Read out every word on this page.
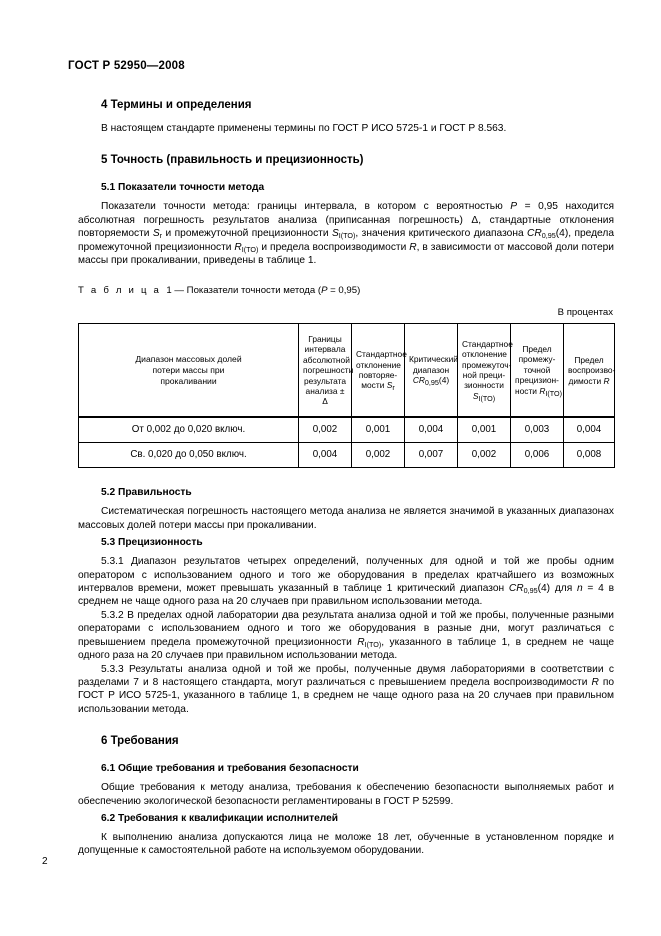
ГОСТ Р 52950—2008
4 Термины и определения

В настоящем стандарте применены термины по ГОСТ Р ИСО 5725-1 и ГОСТ Р 8.563.

5 Точность (правильность и прецизионность)
5.1 Показатели точности метода

Показатели точности метода: границы интервала, в котором с вероятностью P = 0,95 находится абсолютная погрешность результатов анализа (приписанная погрешность) Δ, стандартные отклонения повторяемости $S_r$ и промежуточной прецизионности $S_{I(TO)}$, значения критического диапазона $CR_{0,95}(4)$, предела промежуточной прецизионности $R_{I(TO)}$ и предела воспроизводимости R, в зависимости от массовой доли потери массы при прокаливании, приведены в таблице 1.

Т а б л и ц а 1 — Показатели точности метода (P = 0,95)

В процентах

Диапазон массовых долей
потери массы при
прокаливании	Границы
интервала
абсолютной
погрешности
результата
анализа ± Δ	Стандартное
отклонение
повторяе-
мости $S_r$	Критический
диапазон
$CR_{0,95}(4)$	Стандартное
отклонение
промежуточ-
ной преци-
зионности
$S_{I(TO)}$	Предел
промежу-
точной
прецизион-
ности $R_{I(TO)}$	Предел
воспроизво-
димости R
От 0,002 до 0,020 включ.	0,002	0,001	0,004	0,001	0,003	0,004
Св. 0,020 до 0,050 включ.	0,004	0,002	0,007	0,002	0,006	0,008
5.2 Правильность

Систематическая погрешность настоящего метода анализа не является значимой в указанных диапазонах массовых долей потери массы при прокаливании.

5.3 Прецизионность

5.3.1 Диапазон результатов четырех определений, полученных для одной и той же пробы одним оператором с использованием одного и того же оборудования в пределах кратчайшего из возможных интервалов времени, может превышать указанный в таблице 1 критический диапазон $CR_{0,95}(4)$ для n = 4 в среднем не чаще одного раза на 20 случаев при правильном использовании метода.

5.3.2 В пределах одной лаборатории два результата анализа одной и той же пробы, полученные разными операторами с использованием одного и того же оборудования в разные дни, могут различаться с превышением предела промежуточной прецизионности $R_{I(TO)}$, указанного в таблице 1, в среднем не чаще одного раза на 20 случаев при правильном использовании метода.

5.3.3 Результаты анализа одной и той же пробы, полученные двумя лабораториями в соответствии с разделами 7 и 8 настоящего стандарта, могут различаться с превышением предела воспроизводимости R по ГОСТ Р ИСО 5725-1, указанного в таблице 1, в среднем не чаще одного раза на 20 случаев при правильном использовании метода.

6 Требования
6.1 Общие требования и требования безопасности

Общие требования к методу анализа, требования к обеспечению безопасности выполняемых работ и обеспечению экологической безопасности регламентированы в ГОСТ Р 52599.

6.2 Требования к квалификации исполнителей

К выполнению анализа допускаются лица не моложе 18 лет, обученные в установленном порядке и допущенные к самостоятельной работе на используемом оборудовании.

2
